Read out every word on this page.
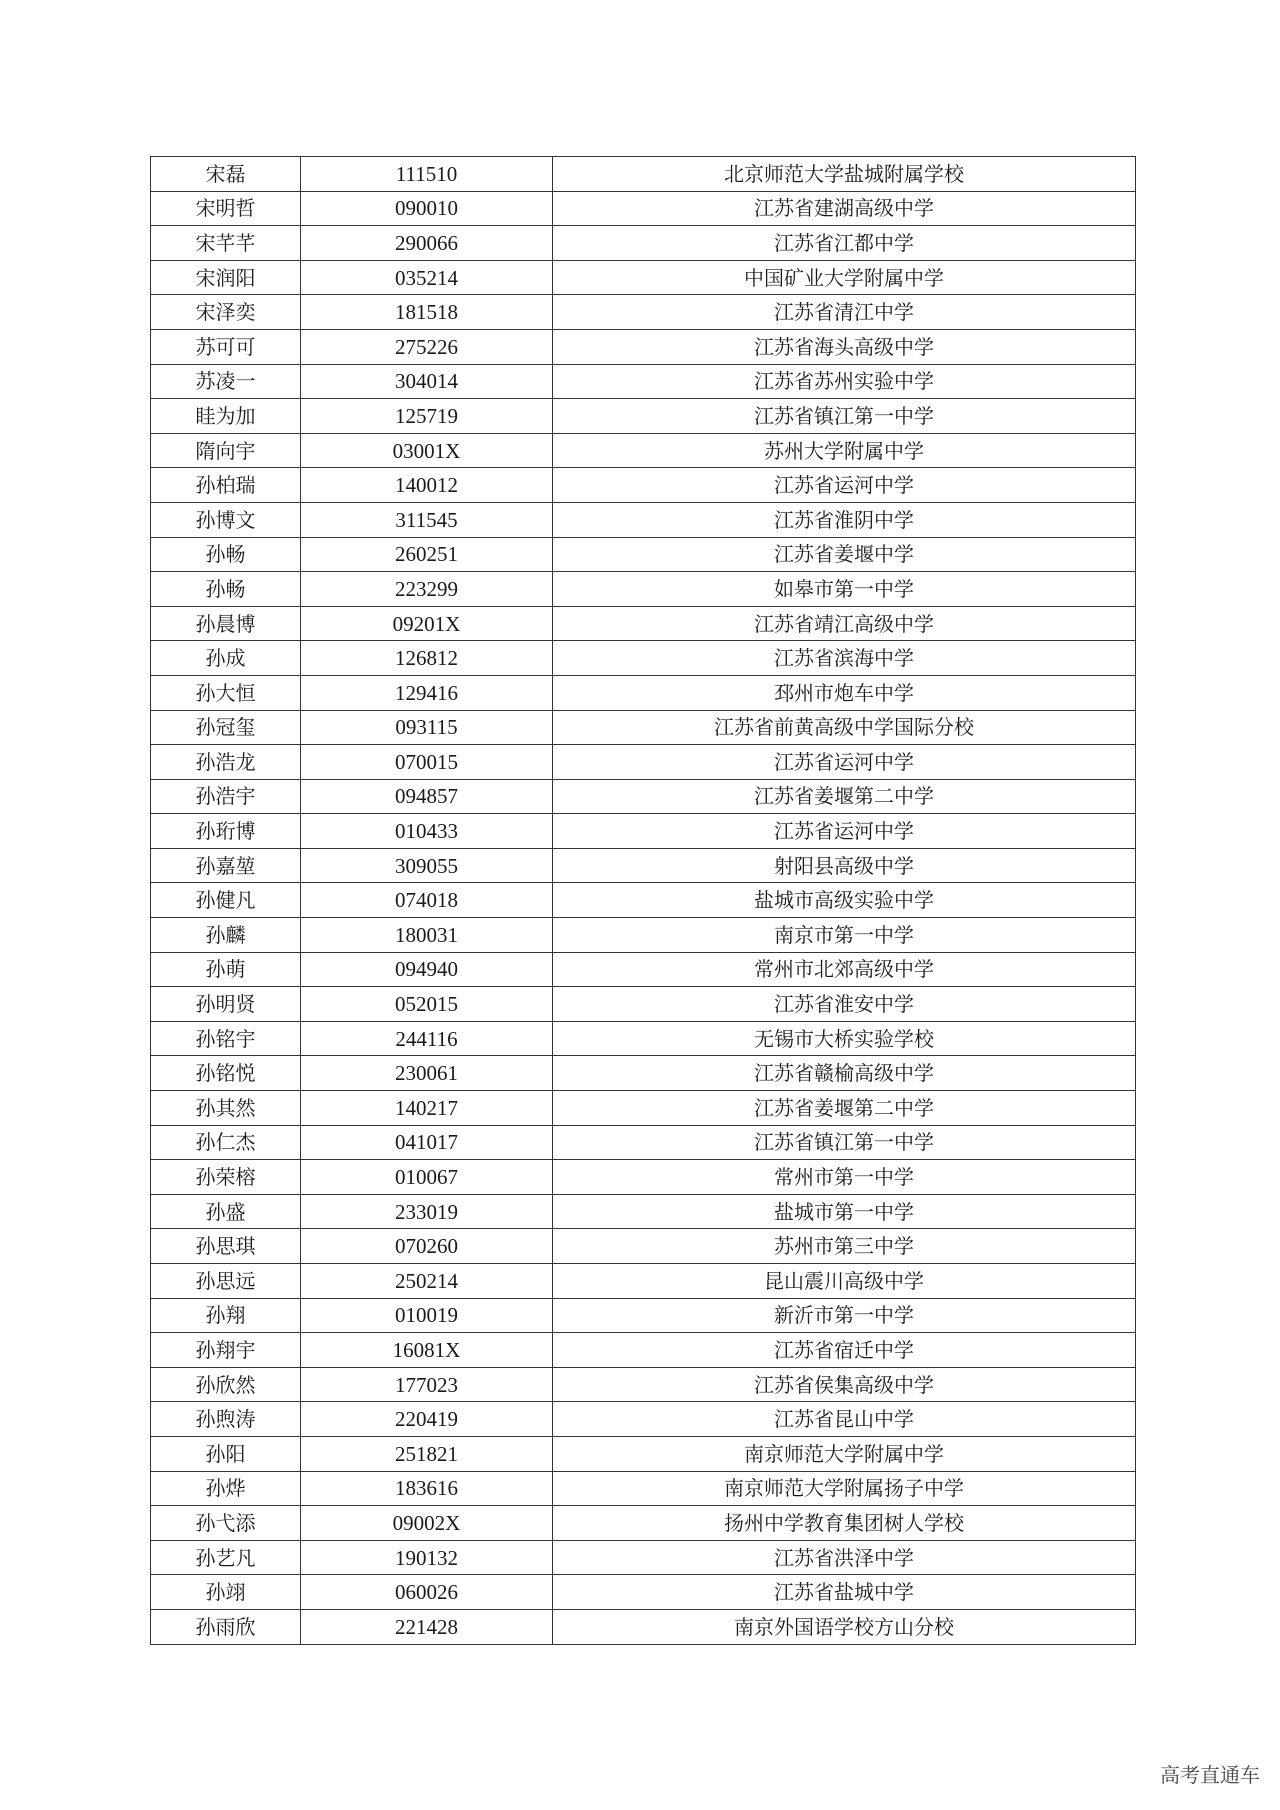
宋磊	111510	北京师范大学盐城附属学校
宋明哲	090010	江苏省建湖高级中学
宋芊芊	290066	江苏省江都中学
宋润阳	035214	中国矿业大学附属中学
宋泽奕	181518	江苏省清江中学
苏可可	275226	江苏省海头高级中学
苏凌一	304014	江苏省苏州实验中学
眭为加	125719	江苏省镇江第一中学
隋向宇	03001X	苏州大学附属中学
孙柏瑞	140012	江苏省运河中学
孙博文	311545	江苏省淮阴中学
孙畅	260251	江苏省姜堰中学
孙畅	223299	如皋市第一中学
孙晨博	09201X	江苏省靖江高级中学
孙成	126812	江苏省滨海中学
孙大恒	129416	邳州市炮车中学
孙冠玺	093115	江苏省前黄高级中学国际分校
孙浩龙	070015	江苏省运河中学
孙浩宇	094857	江苏省姜堰第二中学
孙珩博	010433	江苏省运河中学
孙嘉堃	309055	射阳县高级中学
孙健凡	074018	盐城市高级实验中学
孙麟	180031	南京市第一中学
孙萌	094940	常州市北郊高级中学
孙明贤	052015	江苏省淮安中学
孙铭宇	244116	无锡市大桥实验学校
孙铭悦	230061	江苏省赣榆高级中学
孙其然	140217	江苏省姜堰第二中学
孙仁杰	041017	江苏省镇江第一中学
孙荣榕	010067	常州市第一中学
孙盛	233019	盐城市第一中学
孙思琪	070260	苏州市第三中学
孙思远	250214	昆山震川高级中学
孙翔	010019	新沂市第一中学
孙翔宇	16081X	江苏省宿迁中学
孙欣然	177023	江苏省侯集高级中学
孙煦涛	220419	江苏省昆山中学
孙阳	251821	南京师范大学附属中学
孙烨	183616	南京师范大学附属扬子中学
孙弋添	09002X	扬州中学教育集团树人学校
孙艺凡	190132	江苏省洪泽中学
孙翊	060026	江苏省盐城中学
孙雨欣	221428	南京外国语学校方山分校
高考直通车
